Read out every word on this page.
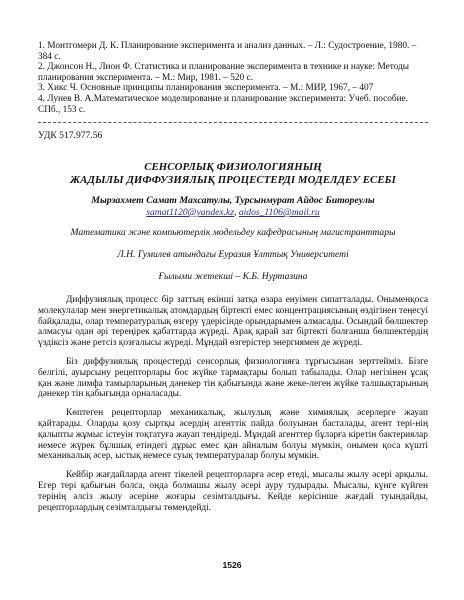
1. Монтгомери Д. К. Планирование эксперимента и анализ данных. – Л.: Судостроение, 1980. – 384 с.

2. Джонсон Н., Лион Ф. Статистика и планирование эксперимента в технике и науке: Методы планирования эксперимента. – М.: Мир, 1981. – 520 с.

3. Хикс Ч. Основные принципы планирования эксперимента. – М.: МИР, 1967, – 407

4. Лунев В. А.Математическое моделирование и планирование эксперимента: Учеб. пособие. СПб., 153 с.

УДК 517.977.56
СЕНСОРЛЫҚ ФИЗИОЛОГИЯНЫҢ
ЖАДЫЛЫ ДИФФУЗИЯЛЫҚ ПРОЦЕСТЕРДІ МОДЕЛДЕУ ЕСЕБІ
Мырзахмет Самат Махсатулы, Турсынмурат Айдос Битореулы
samat1120@yandex.kz, aidos_1106@mail.ru
Математика және компьютерлік модельдеу кафедрасының магистранттары
Л.Н. Гумилев атындағы Еуразия Ұлттық Университеті
Ғылыми жетекші – К.Б. Нуртазина

Диффузиялық процесс бір заттың екінші затқа өзара енуімен сипатталады. Оныменқоса молекулалар мен энергетикалық атомдардың біртекті емес концентрациясының өздігінен теңесуі байқалады, олар температуралық өзгеру үдерісінде орындарымен алмасады. Осындай бөлшектер алмасуы одан әрі тереңірек қабаттарда жүреді. Арақ қарай зат біртекті болғанша бөлшектердің үздіксіз және ретсіз қозғалысы жүреді. Мұндай өзгерістер энергиямен де жүреді.

Біз диффузиялық процестерді сенсорлық физиологияға тұрғысынан зерттейміз. Бізге белгілі, ауырсыну рецепторлары бос жүйке тармақтары болып табылады. Олар негізінен ұсақ қан және лимфа тамырларының дәнекер тін қабығында және жеке-леген жүйке талшықтарының дәнекер тін қабығында орналасады.

Көптеген рецепторлар механикалық, жылулық және химиялық әсерлерге жауап қайтарады. Оларды қозу сыртқы әсердің агенттік пайда болуынан басталады, агент тері-нің қалыпты жұмыс істеуін тоқтатуға жауап тендіреді. Мұндай агенттер бұларға кіретін бактериялар немесе жүрек бұлшық етіндегі дұрыс емес қан айналым болуы мүмкін, онымен қоса күшті механикалық әсер, ыстық немесе суық температуралар болуы мүмкін.

Кейбір жағдайларда агент тікелей рецепторларға әсер етеді, мысалы жылу әсері арқылы. Егер тері қабығын болса, онда болмашы жылу әсері ауру тудырады. Мысалы, күнге күйген терінің әлсіз жылу әсеріне жоғары сезімталдығы. Кейде керісінше жағдай туындайды, рецепторлардың сезімталдығы төмендейді.

1526
